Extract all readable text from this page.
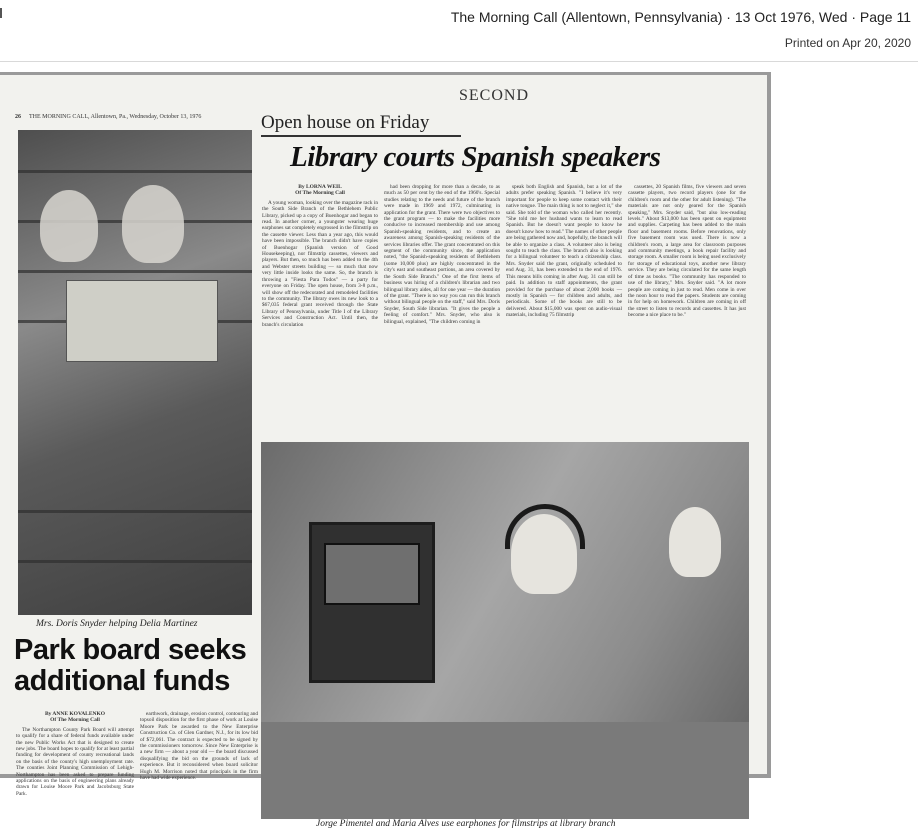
The Morning Call (Allentown, Pennsylvania) · 13 Oct 1976, Wed · Page 11
Printed on Apr 20, 2020
SECOND
26 THE MORNING CALL, Allentown, Pa., Wednesday, October 13, 1976	Open house on Friday
Library courts Spanish speakers
Mrs. Doris Snyder helping Delia Martinez
Park board seeks additional funds
By ANNE KOVALENKO
Of The Morning Call

The Northampton County Park Board will attempt to qualify for a share of federal funds available under the new Public Works Act that is designed to create new jobs. The board hopes to qualify for at least partial funding for development of county recreational lands on the basis of the county's high unemployment rate. The counties Joint Planning Commission of Lehigh-Northampton has been asked to prepare funding applications on the basis of engineering plans already drawn for Louise Moore Park and Jacobsburg State Park.

earthwork, drainage, erosion control, contouring and topsoil disposition for the first phase of work at Louise Moore Park be awarded to the New Enterprise Construction Co. of Glen Gardner, N.J., for its low bid of $72,061. The contract is expected to be signed by the commissioners tomorrow. Since New Enterprise is a new firm — about a year old — the board discussed disqualifying the bid on the grounds of lack of experience. But it reconsidered when board solicitor Hugh M. Morrison noted that principals in the firm have had wide experience.

By LORNA WEIL
Of The Morning Call

A young woman, looking over the magazine rack in the South Side Branch of the Bethlehem Public Library, picked up a copy of Buenhogar and began to read. In another corner, a youngster wearing huge earphones sat completely engrossed in the filmstrip on the cassette viewer. Less than a year ago, this would have been impossible. The branch didn't have copies of Buenhogar (Spanish version of Good Housekeeping), nor filmstrip cassettes, viewers and players. But then, so much has been added to the 4th and Webster streets building — so much that now very little inside looks the same. So, the branch is throwing a "Fiesta Para Todos" — a party for everyone on Friday. The open house, from 3-8 p.m., will show off the redecorated and remodeled facilities to the community. The library owes its new look to a $67,035 federal grant received through the State Library of Pennsylvania, under Title I of the Library Services and Construction Act. Until then, the branch's circulation

had been dropping for more than a decade, to as much as 50 per cent by the end of the 1960's. Special studies relating to the needs and future of the branch were made in 1969 and 1972, culminating in application for the grant. There were two objectives to the grant program — to make the facilities more conducive to increased membership and use among Spanish-speaking residents, and to create an awareness among Spanish-speaking residents of the services libraries offer. The grant concentrated on this segment of the community since, the application noted, "the Spanish-speaking residents of Bethlehem (some 10,000 plus) are highly concentrated in the city's east and southeast portions, an area covered by the South Side Branch." One of the first items of business was hiring of a children's librarian and two bilingual library aides, all for one year — the duration of the grant. "There is no way you can run this branch without bilingual people on the staff," said Mrs. Doris Snyder, South Side librarian. "It gives the people a feeling of comfort." Mrs. Snyder, who also is bilingual, explained, "The children coming in

speak both English and Spanish, but a lot of the adults prefer speaking Spanish. "I believe it's very important for people to keep some contact with their native tongue. The main thing is not to neglect it," she said. She told of the woman who called her recently. "She told me her husband wants to learn to read Spanish. But he doesn't want people to know he doesn't know how to read." The names of other people are being gathered now and, hopefully, the branch will be able to organize a class. A volunteer also is being sought to teach the class. The branch also is looking for a bilingual volunteer to teach a citizenship class. Mrs. Snyder said the grant, originally scheduled to end Aug. 31, has been extended to the end of 1976. This means bills coming in after Aug. 31 can still be paid. In addition to staff appointments, the grant provided for the purchase of about 2,000 books — mostly in Spanish — for children and adults, and periodicals. Some of the books are still to be delivered. About $15,000 was spent on audio-visual materials, including 75 filmstrip

cassettes, 20 Spanish films, five viewers and seven cassette players, two record players (one for the children's room and the other for adult listening). "The materials are not only geared for the Spanish speaking," Mrs. Snyder said, "but also low-reading levels." About $13,000 has been spent on equipment and supplies. Carpeting has been added to the main floor and basement rooms. Before renovations, only five basement room was used. There is now a children's room, a large area for classroom purposes and community meetings, a book repair facility and storage room. A smaller room is being used exclusively for storage of educational toys, another new library service. They are being circulated for the same length of time as books. "The community has responded to use of the library," Mrs. Snyder said. "A lot more people are coming in just to read. Men come in over the noon hour to read the papers. Students are coming in for help on homework. Children are coming in off the street to listen to records and cassettes. It has just become a nice place to be."

Jorge Pimentel and Maria Alves use earphones for filmstrips at library branch
